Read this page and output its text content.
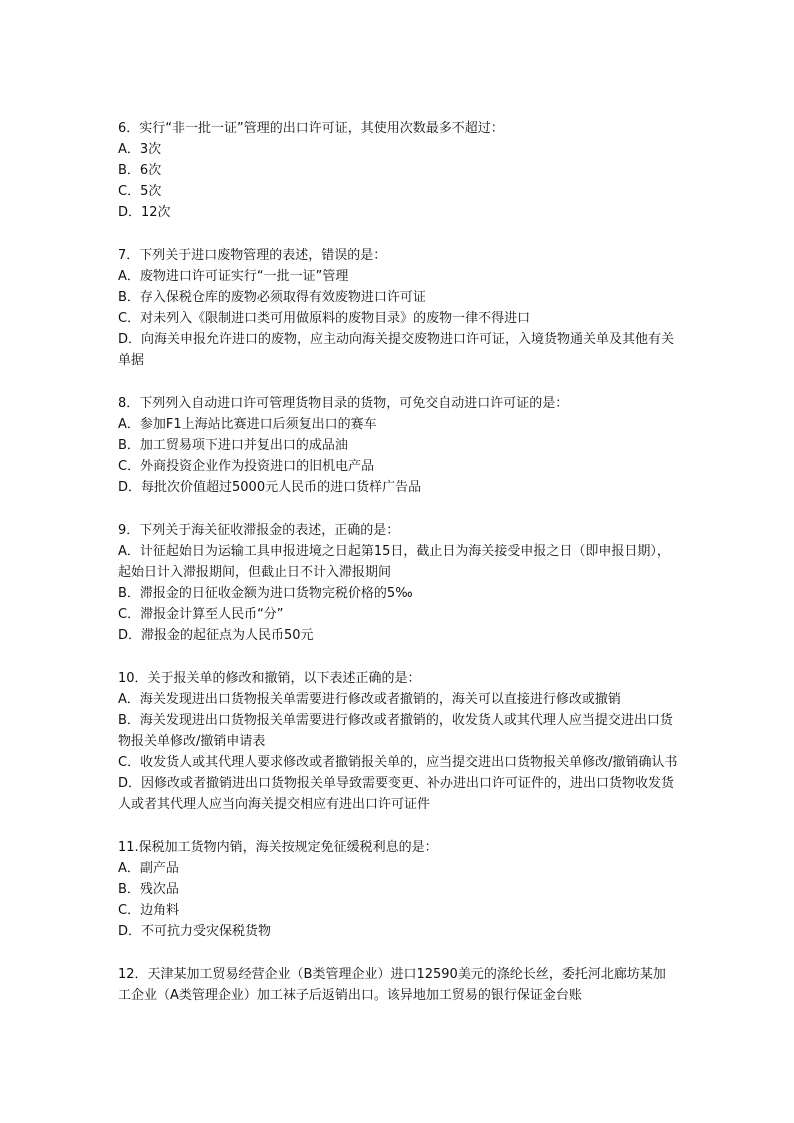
6．实行“非一批一证”管理的出口许可证，其使用次数最多不超过：

A．3次

B．6次

C．5次

D．12次

7．下列关于进口废物管理的表述，错误的是：

A．废物进口许可证实行“一批一证”管理

B．存入保税仓库的废物必须取得有效废物进口许可证

C．对未列入《限制进口类可用做原料的废物目录》的废物一律不得进口

D．向海关申报允许进口的废物，应主动向海关提交废物进口许可证，入境货物通关单及其他有关单据

8．下列列入自动进口许可管理货物目录的货物，可免交自动进口许可证的是：

A．参加F1上海站比赛进口后须复出口的赛车

B．加工贸易项下进口并复出口的成品油

C．外商投资企业作为投资进口的旧机电产品

D．每批次价值超过5000元人民币的进口货样广告品

9．下列关于海关征收滞报金的表述，正确的是：

A．计征起始日为运输工具申报进境之日起第15日，截止日为海关接受申报之日（即申报日期），起始日计入滞报期间，但截止日不计入滞报期间

B．滞报金的日征收金额为进口货物完税价格的5‰

C．滞报金计算至人民币“分”

D．滞报金的起征点为人民币50元

10．关于报关单的修改和撤销，以下表述正确的是：

A．海关发现进出口货物报关单需要进行修改或者撤销的，海关可以直接进行修改或撤销

B．海关发现进出口货物报关单需要进行修改或者撤销的，收发货人或其代理人应当提交进出口货物报关单修改/撤销申请表

C．收发货人或其代理人要求修改或者撤销报关单的，应当提交进出口货物报关单修改/撤销确认书

D．因修改或者撤销进出口货物报关单导致需要变更、补办进出口许可证件的，进出口货物收发货人或者其代理人应当向海关提交相应有进出口许可证件

11.保税加工货物内销，海关按规定免征缓税利息的是：

A．副产品

B．残次品

C．边角料

D．不可抗力受灾保税货物

12．天津某加工贸易经营企业（B类管理企业）进口12590美元的涤纶长丝，委托河北廊坊某加工企业（A类管理企业）加工袜子后返销出口。该异地加工贸易的银行保证金台账
